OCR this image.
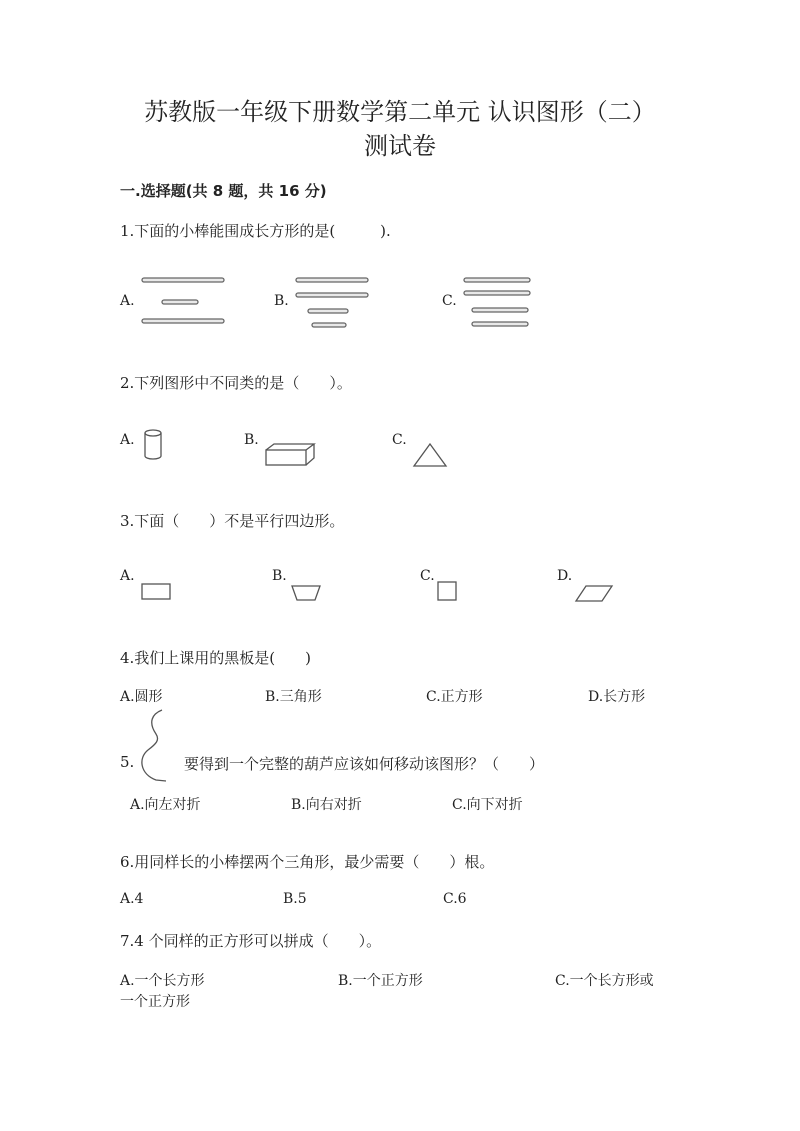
苏教版一年级下册数学第二单元 认识图形（二）
测试卷
一.选择题(共 8 题，共 16 分)
1.下面的小棒能围成长方形的是(　　　).
A.	B.	C.
2.下列图形中不同类的是（　　）。
A.	B.	C.
3.下面（　　）不是平行四边形。
A.	B.	C.	D.
4.我们上课用的黑板是(　　)
A.圆形	B.三角形	C.正方形	D.长方形
5.	要得到一个完整的葫芦应该如何移动该图形？（　　）
A.向左对折	B.向右对折	C.向下对折
6.用同样长的小棒摆两个三角形，最少需要（　　）根。
A.4	B.5	C.6
7.4 个同样的正方形可以拼成（　　）。
A.一个长方形	B.一个正方形	C.一个长方形或
一个正方形
